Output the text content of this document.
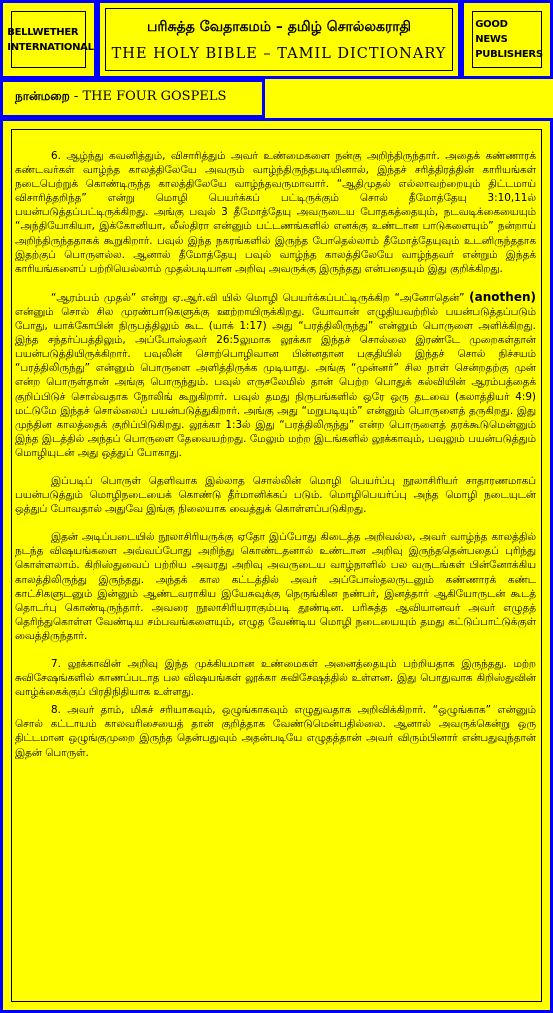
BELLWETHER
INTERNATIONAL
பரிசுத்த வேதாகமம் – தமிழ் சொல்லகராதி
THE HOLY BIBLE – TAMIL DICTIONARY
GOOD NEWS
PUBLISHERS
நான்மறை - THE FOUR GOSPELS

6. ஆழ்ந்து கவனித்தும், விசாரித்தும் அவர் உண்மைகளை நன்கு அறிந்திருந்தார். அதைக் கண்ணாரக் கண்டவர்கள் வாழ்ந்த காலத்திலேயே அவரும் வாழ்ந்திருந்தபடியினால், இந்தச் சரித்திரத்தின் காரியங்கள் நடைபெற்றுக் கொண்டிருந்த காலத்திலேயே வாழ்ந்தவருமாவார். “ஆதிமுதல் எல்லாவற்றையும் திட்டமாய் விசாரித்தறிந்த” என்று மொழி பெயர்க்கப் பட்டிருக்கும் சொல் தீமோத்தேயு 3:10,11ல் பயன்படுத்தப்பட்டிருக்கிறது. அங்கு பவுல் 3 தீமோத்தேயு அவருடைய போதகத்தையும், நடவடிக்கையையும் “அந்தியோகியா, இக்கோனியா, லீஸ்திரா என்னும் பட்டணங்களில் எனக்கு உண்டான பாடுகளையும்” நன்றாய் அறிந்திருந்ததாகக் கூறுகிறார். பவுல் இந்த நகரங்களில் இருந்த போதெல்லாம் தீமோத்தேயுவும் உடனிருந்ததாக இதற்குப் பொருளல்ல. ஆனால் தீமோத்தேயு பவுல் வாழ்ந்த காலத்திலேயே வாழ்ந்தவர் என்றும் இந்தக் காரியங்களைப் பற்றியெல்லாம் முதல்படியான அறிவு அவருக்கு இருந்தது என்பதையும் இது குறிக்கிறது.

“ஆரம்பம் முதல்” என்று ஏ.ஆர்.வி யில் மொழி பெயர்க்கப்பட்டிருக்கிற “அனோதென்” (anothen) என்னும் சொல் சில முரண்பாடுகளுக்கு ஊற்றாயிருக்கிறது. யோவான் எழுதியவற்றில் பயன்படுத்தப்படும் போது, யாக்கோபின் நிருபத்திலும் கூட (யாக் 1:17) அது “பரத்திலிருந்து” என்னும் பொருளை அளிக்கிறது. இந்த சந்தர்ப்பத்திலும், அப்போஸ்தலர் 26:5லுமாக லூக்கா இந்தச் சொல்லை இரண்டே முறைகள்தான் பயன்படுத்தியிருக்கிறார். பவுலின் சொற்பொழிவான பின்னதான பகுதியில் இந்தச் சொல் நிச்சயம் “பரத்திலிருந்து” என்னும் பொருளை அளித்திருக்க முடியாது. அங்கு “முன்னர்” சில நாள் சென்றதற்கு முன் என்ற பொருள்தான் அங்கு பொருந்தும். பவுல் எருசலேமில் தான் பெற்ற பொதுக் கல்வியின் ஆரம்பத்தைக் குறிப்பிடுச் சொல்வதாக நோலிங் கூறுகிறார். பவுல் தமது நிருபங்களில் ஒரே ஒரு தடவை (கலாத்தியர் 4:9) மட்டுமே இந்தச் சொல்லைப் பயன்படுத்துகிறார். அங்கு அது “மறுபடியும்” என்னும் பொருளைத் தருகிறது. இது முந்தின காலத்தைக் குறிப்பிடுகிறது. லூக்கா 1:3ல் இது “பரத்திலிருந்து” என்ற பொருளைத் தரக்கூடுமென்னும் இந்த இடத்தில் அந்தப் பொருளை தேவையற்றது. மேலும் மற்ற இடங்களில் லூக்காவும், பவுலும் பயன்படுத்தும் மொழியுடன் அது ஒத்துப் போகாது.

இப்படிப் பொருள் தெளிவாக இல்லாத சொல்லின் மொழி பெயர்ப்பு நூலாசிரியர் சாதாரணமாகப் பயன்படுத்தும் மொழிநடையைக் கொண்டு தீர்மானிக்கப் படும். மொழிபெயர்ப்பு அந்த மொழி நடையுடன் ஒத்துப் போவதால் அதுவே இங்கு நிலையாக வைத்துக் கொள்ளப்படுகிறது.

இதன் அடிப்படையில் நூலாசிரியருக்கு ஏதோ இப்போது கிடைத்த அறிவல்ல, அவர் வாழ்ந்த காலத்தில் நடந்த விஷயங்களை அவ்வப்போது அறிந்து கொண்டதனால் உண்டான அறிவு இருந்ததென்பதைப் புரிந்து கொள்ளலாம். கிறிஸ்துவைப் பற்றிய அவரது அறிவு அவருடைய வாழ்நாளில் பல வருடங்கள் பின்னோக்கிய காலத்திலிருந்து இருந்தது. அந்தக் கால கட்டத்தில் அவர் அப்போஸ்தலருடனும் கண்ணாரக் கண்ட காட்சிகளுடனும் இன்னும் ஆண்டவராகிய இயேசுவுக்கு நெருங்கின நண்பர், இனத்தார் ஆகியோருடன் கூடத் தொடர்பு கொண்டிருந்தார். அவரை நூலாசிரியராகும்படி தூண்டின. பரிசுத்த ஆவியானவர் அவர் எழுதத் தெரிந்துகொள்ள வேண்டிய சம்பவங்களையும், எழுத வேண்டிய மொழி நடையையும் தமது கட்டுப்பாட்டுக்குள் வைத்திருந்தார்.

7. லூக்காவின் அறிவு இந்த முக்கியமான உண்மைகள் அனைத்தையும் பற்றியதாக இருந்தது. மற்ற சுவிசேஷங்களில் காணப்படாத பல விஷயங்கள் லூக்கா சுவிசேஷத்தில் உள்ளன. இது பொதுவாக கிறிஸ்துவின் வாழ்க்கைக்குப் பிரதிநிதியாக உள்ளது.

8. அவர் தாம், மிகச் சரியாகவும், ஒழுங்காகவும் எழுதுவதாக அறிவிக்கிறார். “ஒழுங்காக” என்னும் சொல் கட்டாயம் காலவரிசையைத் தான் குறித்தாக வேண்டுமென்பதில்லை. ஆனால் அவருக்கென்று ஒரு திட்டமான ஒழுங்குமுறை இருந்த தென்பதுவும் அதன்படியே எழுதத்தான் அவர் விரும்பினார் என்பதுவுந்தான் இதன் பொருள்.
